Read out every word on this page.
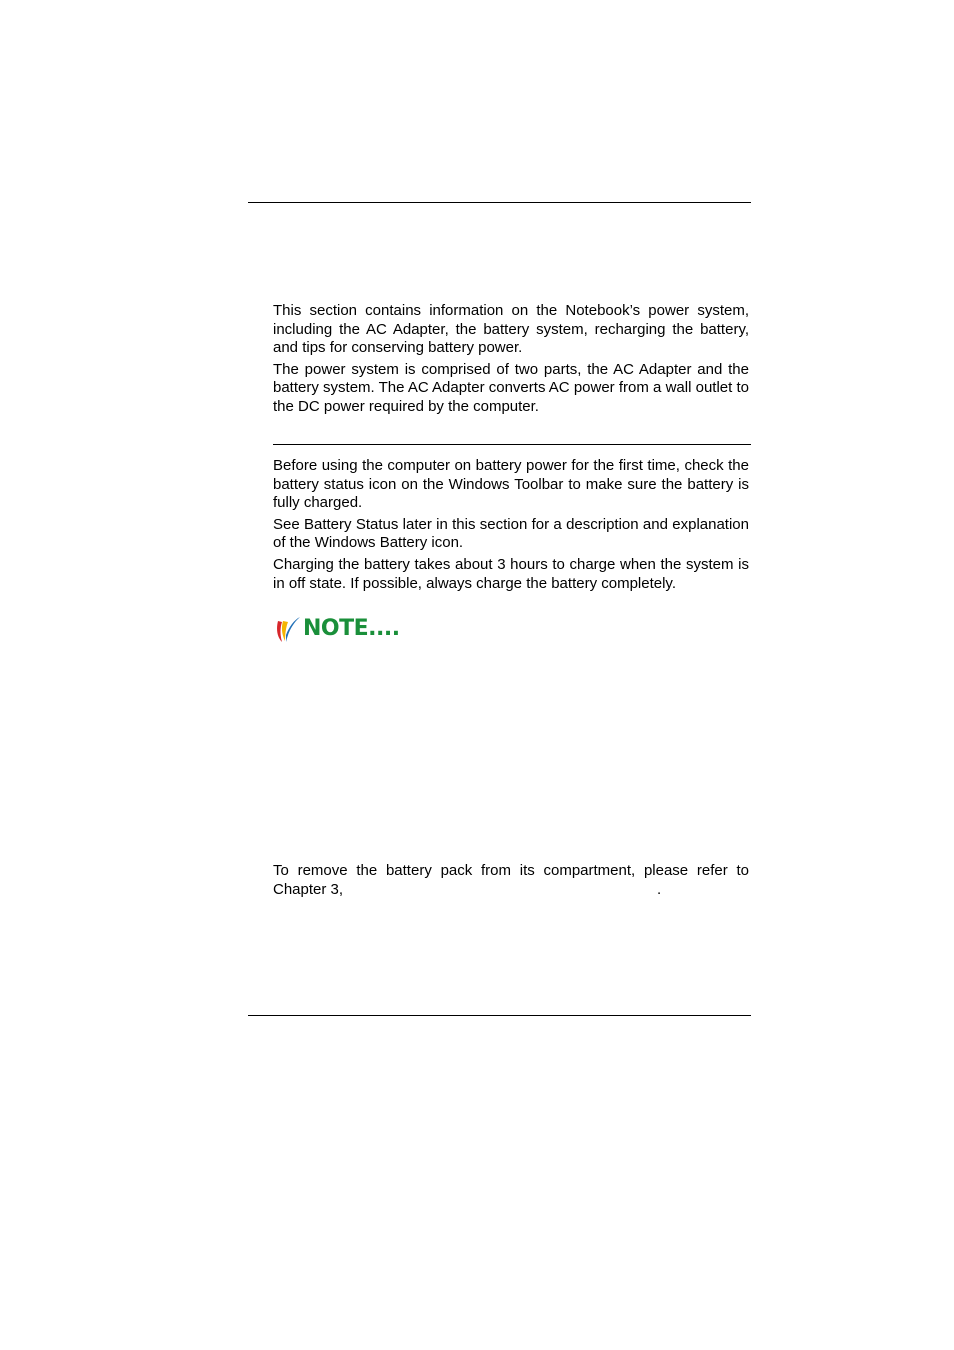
This section contains information on the Notebook’s power system, including the AC Adapter, the battery system, recharging the battery, and tips for conserving battery power.

The power system is comprised of two parts, the AC Adapter and the battery system. The AC Adapter converts AC power from a wall outlet to the DC power required by the computer.

Before using the computer on battery power for the first time, check the battery status icon on the Windows Toolbar to make sure the battery is fully charged.

See Battery Status later in this section for a description and explanation of the Windows Battery icon.

Charging the battery takes about 3 hours to charge when the system is in off state. If possible, always charge the battery completely.

NOTE....

To remove the battery pack from its compartment, please refer to Chapter 3,	.
